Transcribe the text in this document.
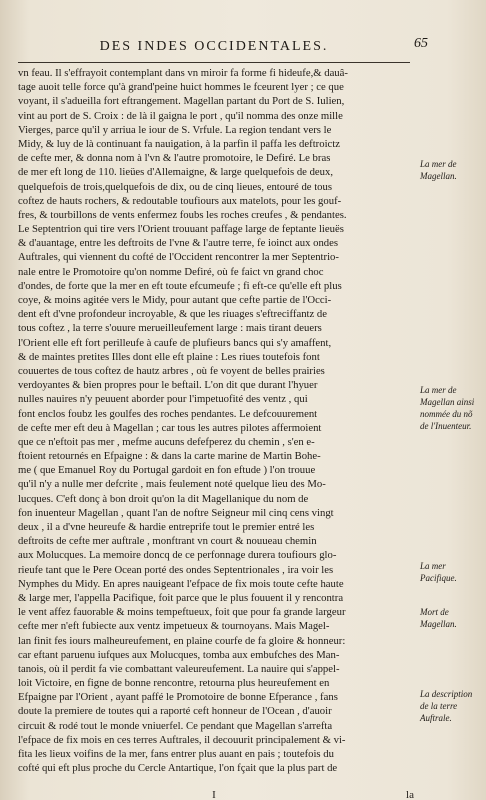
DES INDES OCCIDENTALES.	65
vn feau. Il s'effrayoit contemplant dans vn miroir fa forme fi hideufe,& dauâ-
tage auoit telle force qu'à grand'peine huict hommes le fceurent lyer ; ce que
voyant, il s'adueilla fort eftrangement. Magellan partant du Port de S. Iulien,
vint au port de S. Croix : de là il gaigna le port , qu'il nomma des onze mille
Vierges, parce qu'il y arriua le iour de S. Vrfule. La region tendant vers le
Midy, & luy de là continuant fa nauigation, à la parfin il paffa les deftroictz
de cefte mer, & donna nom à l'vn & l'autre promotoire, le Defiré. Le bras
de mer eft long de 110. lieües d'Allemaigne, & large quelquefois de deux,
quelquefois de trois,quelquefois de dix, ou de cinq lieues, entouré de tous
coftez de hauts rochers, & redoutable toufiours aux matelots, pour les gouf-
fres, & tourbillons de vents enfermez foubs les roches creufes , & pendantes.
Le Septentrion qui tire vers l'Orient trouuant paffage large de feptante lieuës
& d'auantage, entre les deftroits de l'vne & l'autre terre, fe ioinct aux ondes
Auftrales, qui viennent du cofté de l'Occident rencontrer la mer Septentrio-
nale entre le Promotoire qu'on nomme Defiré, où fe faict vn grand choc
d'ondes, de forte que la mer en eft toute efcumeufe ; fi eft-ce qu'elle eft plus
coye, & moins agitée vers le Midy, pour autant que cefte partie de l'Occi-
dent eft d'vne profondeur incroyable, & que les riuages s'eftreciffantz de
tous coftez , la terre s'ouure merueilleufement large : mais tirant deuers
l'Orient elle eft fort perilleufe à caufe de plufieurs bancs qui s'y amaffent,
& de maintes pretites Illes dont elle eft plaine : Les riues toutefois font
couuertes de tous coftez de hautz arbres , où fe voyent de belles prairies
verdoyantes & bien propres pour le beftail. L'on dit que durant l'hyuer
nulles nauires n'y peuuent aborder pour l'impetuofité des ventz , qui
font enclos foubz les goulfes des roches pendantes. Le defcouurement
de cefte mer eft deu à Magellan ; car tous les autres pilotes affermoient
que ce n'eftoit pas mer , mefme aucuns defefperez du chemin , s'en e-
ftoient retournés en Efpaigne : & dans la carte marine de Martin Bohe-
me ( que Emanuel Roy du Portugal gardoit en fon eftude ) l'on trouue
qu'il n'y a nulle mer defcrite , mais feulement noté quelque lieu des Mo-
lucques. C'eft donç à bon droit qu'on la dit Magellanique du nom de
fon inuenteur Magellan , quant l'an de noftre Seigneur mil cinq cens vingt
deux , il a d'vne heureufe & hardie entreprife tout le premier entré les
deftroits de cefte mer auftrale , monftrant vn court & nouueau chemin
aux Molucques. La memoire doncq de ce perfonnage durera toufiours glo-
rieufe tant que le Pere Ocean porté des ondes Septentrionales , ira voir les
Nymphes du Midy. En apres nauigeant l'efpace de fix mois toute cefte haute
& large mer, l'appella Pacifique, foit parce que le plus fouuent il y rencontra
le vent affez fauorable & moins tempeftueux, foit que pour fa grande largeur
cefte mer n'eft fubiecte aux ventz impetueux & tournoyans. Mais Magel-
lan finit fes iours malheureufement, en plaine courfe de fa gloire & honneur:
car eftant paruenu iufques aux Molucques, tomba aux embufches des Man-
tanois, où il perdit fa vie combattant valeureufement. La nauire qui s'appel-
loit Victoire, en figne de bonne rencontre, retourna plus heureufement en
Efpaigne par l'Orient , ayant paffé le Promotoire de bonne Efperance , fans
doute la premiere de toutes qui a raporté ceft honneur de l'Ocean , d'auoir
circuit & rodé tout le monde vniuerfel. Ce pendant que Magellan s'arrefta
l'efpace de fix mois en ces terres Auftrales, il decouurit principalement & vi-
fita les lieux voifins de la mer, fans entrer plus auant en pais ; toutefois du
cofté qui eft plus proche du Cercle Antartique, l'on fçait que la plus part de
La mer de Magellan.
La mer de Magellan ainsi nommée du nõ de l'Inuenteur.
La mer Pacifique.
Mort de Magellan.
La description de la terre Auftrale.
I	la
